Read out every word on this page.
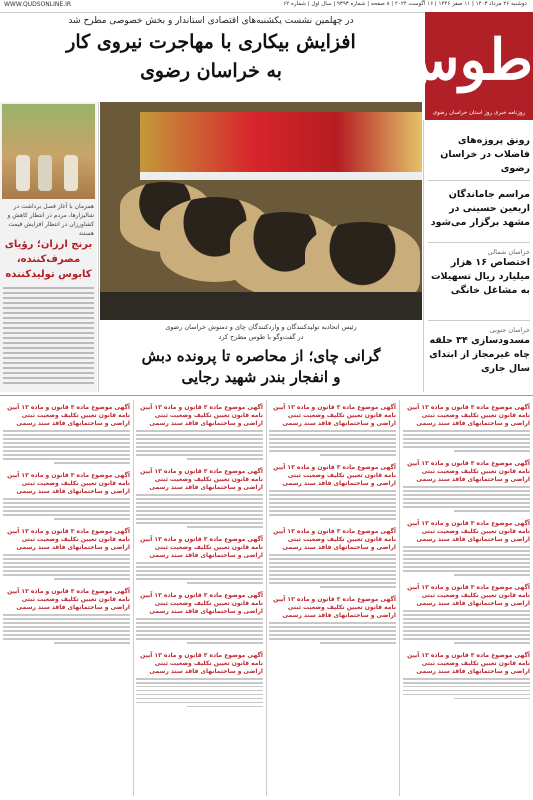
WWW.QUDSONLINE.IR	دوشنبه ۲۶ مرداد ۱۴۰۳ | ۱۱ صفر ۱۴۴۶ | ۱۶ آگوست ۲۰۲۴ | ۸ صفحه | شماره ۹۳۹۳ | سال اول | شماره ۶۲
طوس
روزنامه خبری روز استان خراسان رضوی
در چهلمین نشست یکشنبه‌های اقتصادی استاندار و بخش خصوصی مطرح شد
افزایش بیکاری با مهاجرت نیروی کار
به خراسان رضوی
همزمان با آغاز فصل برداشت در شالیزارها، مردم در انتظار کاهش و کشاورزان در انتظار افزایش قیمت هستند
برنج ارزان؛ رؤیای مصرف‌کننده، کابوس تولیدکننده
رئیس اتحادیه تولیدکنندگان و واردکنندگان چای و دمنوش خراسان رضوی
در گفت‌وگو با طوس مطرح کرد
گرانی چای؛ از محاصره تا پرونده دبش
و انفجار بندر شهید رجایی
رونق پروژه‌های فاضلاب در خراسان رضوی
مراسم جاماندگان اربعین حسینی در مشهد برگزار می‌شود
خراسان شمالی
اختصاص ۱۶ هزار میلیارد ریال تسهیلات به مشاغل خانگی
خراسان جنوبی
مسدودسازی ۳۴ حلقه چاه غیرمجاز از ابتدای سال جاری
آگهی موضوع ماده ۳ قانون و ماده ۱۳ آیین نامه قانون تعیین تکلیف وضعیت ثبتی اراضی و ساختمانهای فاقد سند رسمی
آگهی موضوع ماده ۳ قانون و ماده ۱۳ آیین نامه قانون تعیین تکلیف وضعیت ثبتی اراضی و ساختمانهای فاقد سند رسمی
آگهی موضوع ماده ۳ قانون و ماده ۱۳ آیین نامه قانون تعیین تکلیف وضعیت ثبتی اراضی و ساختمانهای فاقد سند رسمی
آگهی موضوع ماده ۳ قانون و ماده ۱۳ آیین نامه قانون تعیین تکلیف وضعیت ثبتی اراضی و ساختمانهای فاقد سند رسمی
آگهی موضوع ماده ۳ قانون و ماده ۱۳ آیین نامه قانون تعیین تکلیف وضعیت ثبتی اراضی و ساختمانهای فاقد سند رسمی
آگهی موضوع ماده ۳ قانون و ماده ۱۳ آیین نامه قانون تعیین تکلیف وضعیت ثبتی اراضی و ساختمانهای فاقد سند رسمی
آگهی موضوع ماده ۳ قانون و ماده ۱۳ آیین نامه قانون تعیین تکلیف وضعیت ثبتی اراضی و ساختمانهای فاقد سند رسمی
آگهی موضوع ماده ۳ قانون و ماده ۱۳ آیین نامه قانون تعیین تکلیف وضعیت ثبتی اراضی و ساختمانهای فاقد سند رسمی
آگهی موضوع ماده ۳ قانون و ماده ۱۳ آیین نامه قانون تعیین تکلیف وضعیت ثبتی اراضی و ساختمانهای فاقد سند رسمی
آگهی موضوع ماده ۳ قانون و ماده ۱۳ آیین نامه قانون تعیین تکلیف وضعیت ثبتی اراضی و ساختمانهای فاقد سند رسمی
آگهی موضوع ماده ۳ قانون و ماده ۱۳ آیین نامه قانون تعیین تکلیف وضعیت ثبتی اراضی و ساختمانهای فاقد سند رسمی
آگهی موضوع ماده ۳ قانون و ماده ۱۳ آیین نامه قانون تعیین تکلیف وضعیت ثبتی اراضی و ساختمانهای فاقد سند رسمی
آگهی موضوع ماده ۳ قانون و ماده ۱۳ آیین نامه قانون تعیین تکلیف وضعیت ثبتی اراضی و ساختمانهای فاقد سند رسمی
آگهی موضوع ماده ۳ قانون و ماده ۱۳ آیین نامه قانون تعیین تکلیف وضعیت ثبتی اراضی و ساختمانهای فاقد سند رسمی
آگهی موضوع ماده ۳ قانون و ماده ۱۳ آیین نامه قانون تعیین تکلیف وضعیت ثبتی اراضی و ساختمانهای فاقد سند رسمی
آگهی موضوع ماده ۳ قانون و ماده ۱۳ آیین نامه قانون تعیین تکلیف وضعیت ثبتی اراضی و ساختمانهای فاقد سند رسمی
آگهی موضوع ماده ۳ قانون و ماده ۱۳ آیین نامه قانون تعیین تکلیف وضعیت ثبتی اراضی و ساختمانهای فاقد سند رسمی
آگهی موضوع ماده ۳ قانون و ماده ۱۳ آیین نامه قانون تعیین تکلیف وضعیت ثبتی اراضی و ساختمانهای فاقد سند رسمی
